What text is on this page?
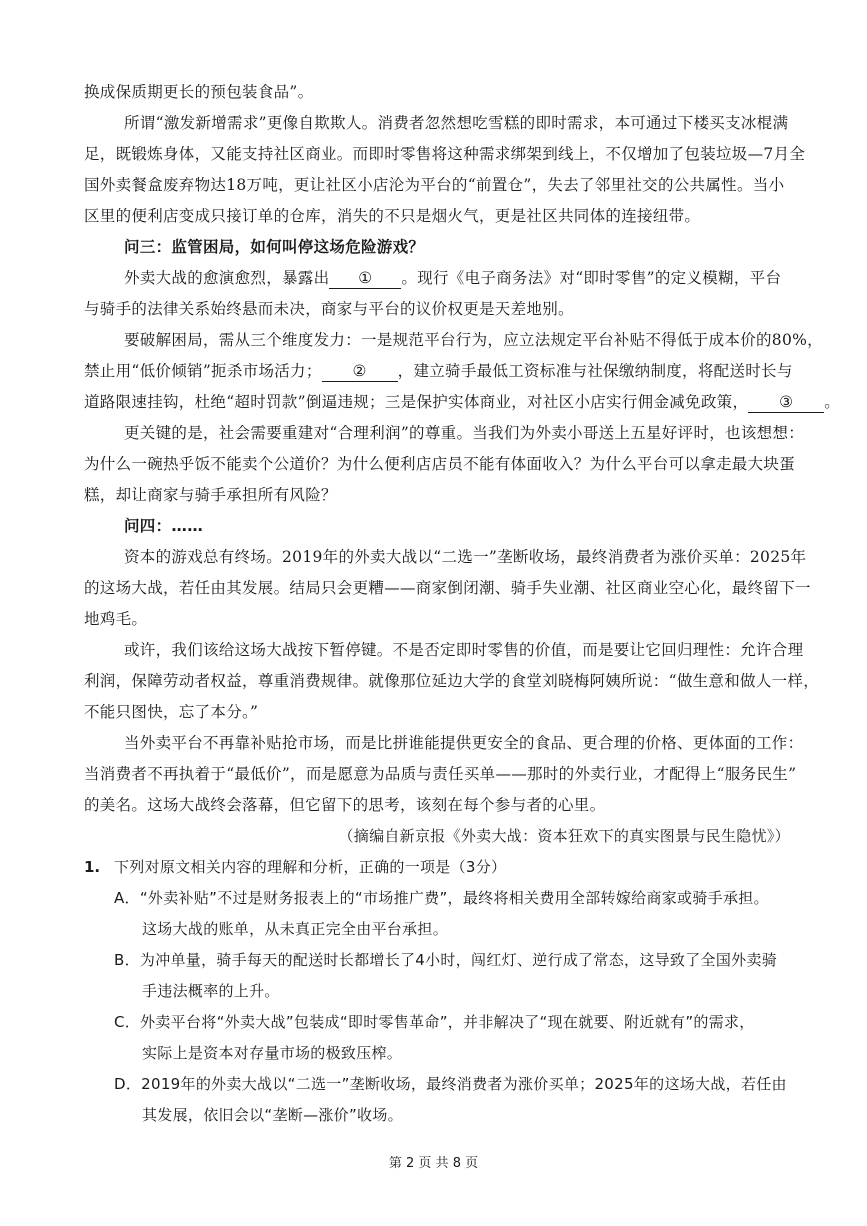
换成保质期更长的预包装食品”。
所谓“激发新增需求”更像自欺欺人。消费者忽然想吃雪糕的即时需求，本可通过下楼买支冰棍满
足，既锻炼身体，又能支持社区商业。而即时零售将这种需求绑架到线上，不仅增加了包装垃圾—7月全
国外卖餐盒废弃物达18万吨，更让社区小店沦为平台的“前置仓”，失去了邻里社交的公共属性。当小
区里的便利店变成只接订单的仓库，消失的不只是烟火气，更是社区共同体的连接纽带。
问三：监管困局，如何叫停这场危险游戏？
外卖大战的愈演愈烈，暴露出 ① 。现行《电子商务法》对“即时零售”的定义模糊，平台
与骑手的法律关系始终悬而未决，商家与平台的议价权更是天差地别。
要破解困局，需从三个维度发力：一是规范平台行为，应立法规定平台补贴不得低于成本价的80%，
禁止用“低价倾销”扼杀市场活力； ② ，建立骑手最低工资标准与社保缴纳制度，将配送时长与
道路限速挂钩，杜绝“超时罚款”倒逼违规；三是保护实体商业，对社区小店实行佣金减免政策， ③ 。
更关键的是，社会需要重建对“合理利润”的尊重。当我们为外卖小哥送上五星好评时，也该想想：
为什么一碗热乎饭不能卖个公道价？为什么便利店店员不能有体面收入？为什么平台可以拿走最大块蛋
糕，却让商家与骑手承担所有风险？
问四：……
资本的游戏总有终场。2019年的外卖大战以“二选一”垄断收场，最终消费者为涨价买单：2025年
的这场大战，若任由其发展。结局只会更糟——商家倒闭潮、骑手失业潮、社区商业空心化，最终留下一
地鸡毛。
或许，我们该给这场大战按下暂停键。不是否定即时零售的价值，而是要让它回归理性：允许合理
利润，保障劳动者权益，尊重消费规律。就像那位延边大学的食堂刘晓梅阿姨所说：“做生意和做人一样，
不能只图快，忘了本分。”
当外卖平台不再靠补贴抢市场，而是比拼谁能提供更安全的食品、更合理的价格、更体面的工作：
当消费者不再执着于“最低价”，而是愿意为品质与责任买单——那时的外卖行业，才配得上“服务民生”
的美名。这场大战终会落幕，但它留下的思考，该刻在每个参与者的心里。
（摘编自新京报《外卖大战：资本狂欢下的真实图景与民生隐忧》）
1. 下列对原文相关内容的理解和分析，正确的一项是（3分）
A．“外卖补贴”不过是财务报表上的“市场推广费”，最终将相关费用全部转嫁给商家或骑手承担。
这场大战的账单，从未真正完全由平台承担。
B．为冲单量，骑手每天的配送时长都增长了4小时，闯红灯、逆行成了常态，这导致了全国外卖骑
手违法概率的上升。
C．外卖平台将“外卖大战”包装成“即时零售革命”，并非解决了“现在就要、附近就有”的需求，
实际上是资本对存量市场的极致压榨。
D．2019年的外卖大战以“二选一”垄断收场，最终消费者为涨价买单；2025年的这场大战，若任由
其发展，依旧会以“垄断—涨价”收场。
第 2 页 共 8 页
